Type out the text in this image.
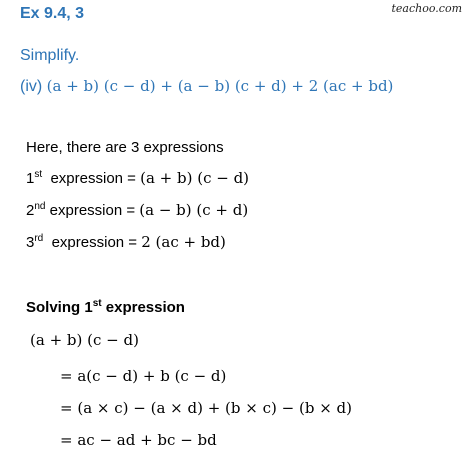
teachoo.com
Ex 9.4, 3
Simplify.
(iv) (a + b) (c − d) + (a − b) (c + d) + 2 (ac + bd)
Here, there are 3 expressions
1st  expression = (a + b) (c − d)
2nd expression = (a − b) (c + d)
3rd  expression = 2 (ac + bd)
Solving 1st expression
(a + b) (c − d)
= a(c − d) + b (c − d)
= (a × c) − (a × d) + (b × c) − (b × d)
= ac − ad + bc − bd
